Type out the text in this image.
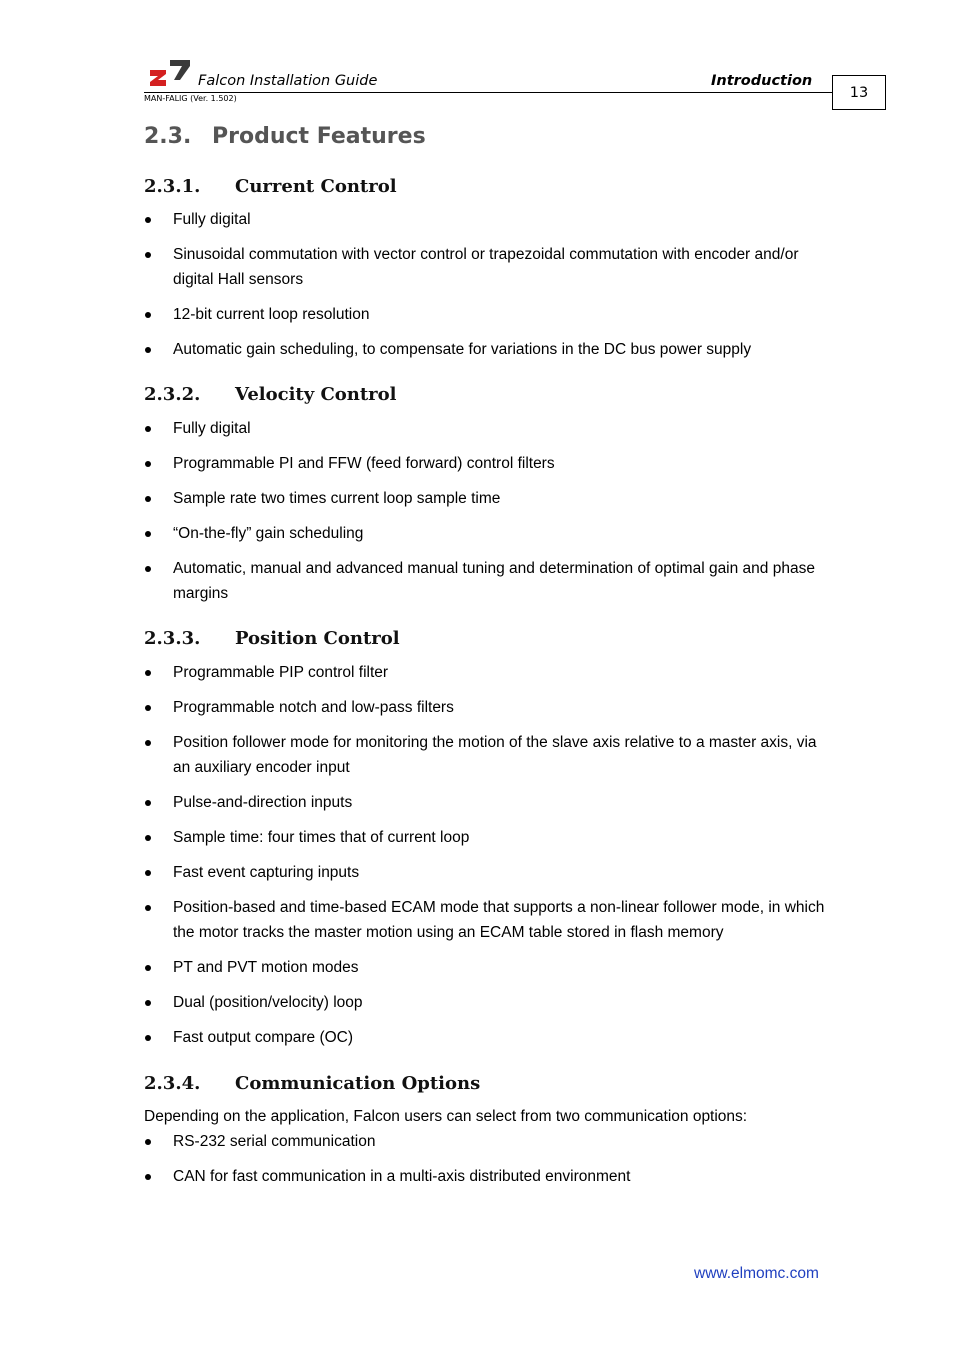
Falcon Installation Guide	Introduction
MAN-FALIG (Ver. 1.502)	13
2.3. Product Features
2.3.1. Current Control
Fully digital
Sinusoidal commutation with vector control or trapezoidal commutation with encoder and/or digital Hall sensors
12-bit current loop resolution
Automatic gain scheduling, to compensate for variations in the DC bus power supply
2.3.2. Velocity Control
Fully digital
Programmable PI and FFW (feed forward) control filters
Sample rate two times current loop sample time
“On-the-fly” gain scheduling
Automatic, manual and advanced manual tuning and determination of optimal gain and phase margins
2.3.3. Position Control
Programmable PIP control filter
Programmable notch and low-pass filters
Position follower mode for monitoring the motion of the slave axis relative to a master axis, via an auxiliary encoder input
Pulse-and-direction inputs
Sample time: four times that of current loop
Fast event capturing inputs
Position-based and time-based ECAM mode that supports a non-linear follower mode, in which the motor tracks the master motion using an ECAM table stored in flash memory
PT and PVT motion modes
Dual (position/velocity) loop
Fast output compare (OC)
2.3.4. Communication Options
Depending on the application, Falcon users can select from two communication options:
RS-232 serial communication
CAN for fast communication in a multi-axis distributed environment
www.elmomc.com
